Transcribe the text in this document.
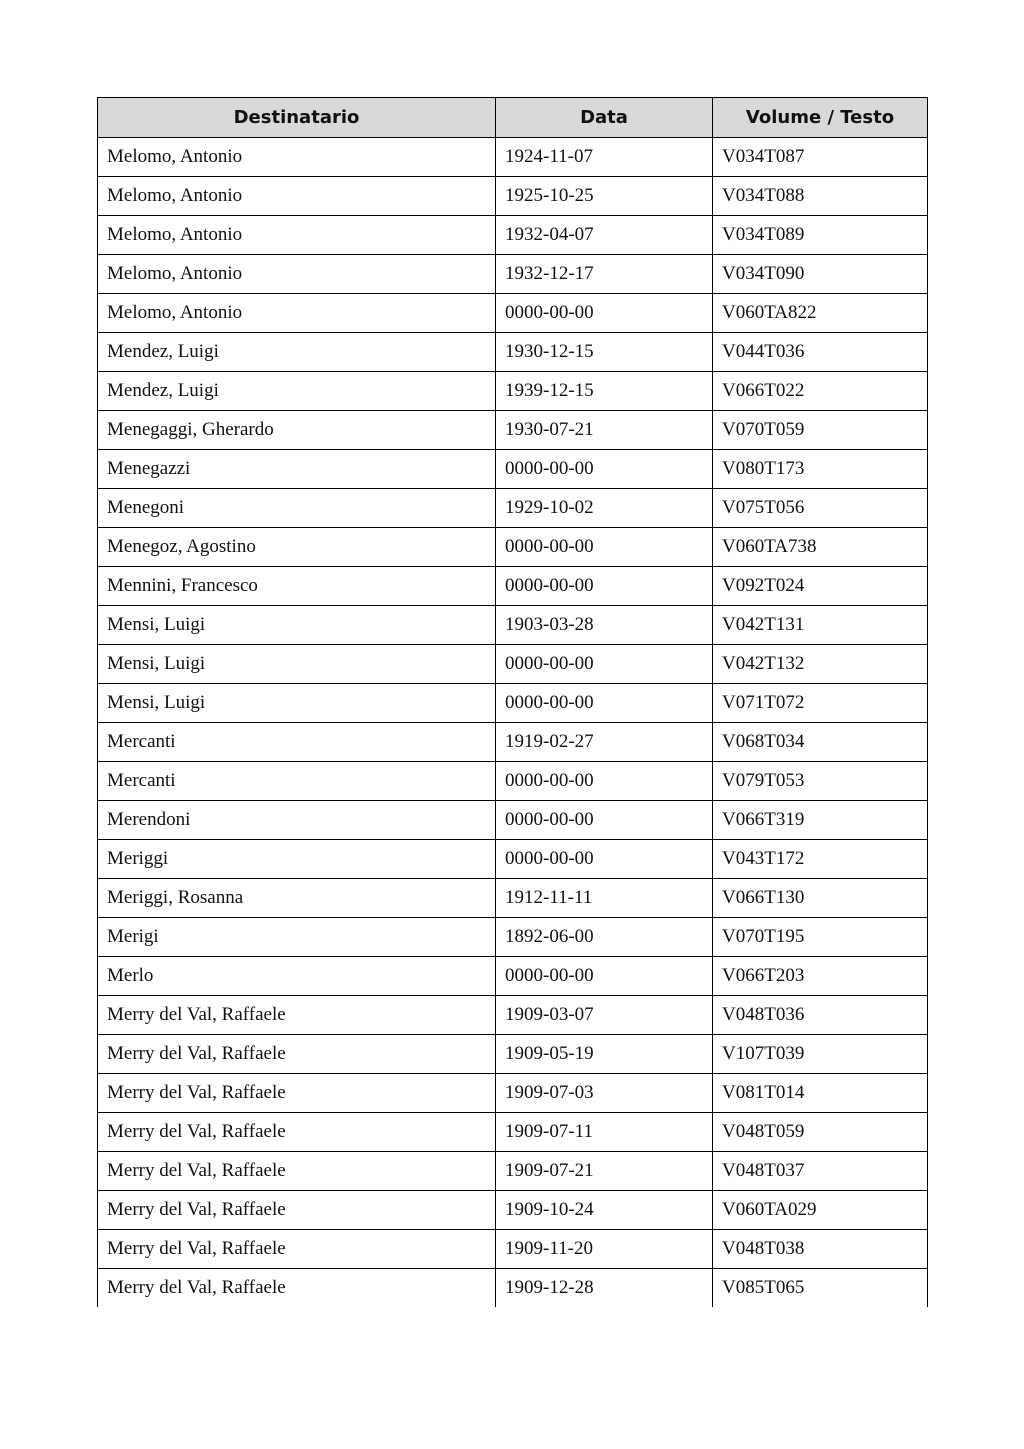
Destinatario	Data	Volume / Testo
Melomo, Antonio	1924-11-07	V034T087
Melomo, Antonio	1925-10-25	V034T088
Melomo, Antonio	1932-04-07	V034T089
Melomo, Antonio	1932-12-17	V034T090
Melomo, Antonio	0000-00-00	V060TA822
Mendez, Luigi	1930-12-15	V044T036
Mendez, Luigi	1939-12-15	V066T022
Menegaggi, Gherardo	1930-07-21	V070T059
Menegazzi	0000-00-00	V080T173
Menegoni	1929-10-02	V075T056
Menegoz, Agostino	0000-00-00	V060TA738
Mennini, Francesco	0000-00-00	V092T024
Mensi, Luigi	1903-03-28	V042T131
Mensi, Luigi	0000-00-00	V042T132
Mensi, Luigi	0000-00-00	V071T072
Mercanti	1919-02-27	V068T034
Mercanti	0000-00-00	V079T053
Merendoni	0000-00-00	V066T319
Meriggi	0000-00-00	V043T172
Meriggi, Rosanna	1912-11-11	V066T130
Merigi	1892-06-00	V070T195
Merlo	0000-00-00	V066T203
Merry del Val, Raffaele	1909-03-07	V048T036
Merry del Val, Raffaele	1909-05-19	V107T039
Merry del Val, Raffaele	1909-07-03	V081T014
Merry del Val, Raffaele	1909-07-11	V048T059
Merry del Val, Raffaele	1909-07-21	V048T037
Merry del Val, Raffaele	1909-10-24	V060TA029
Merry del Val, Raffaele	1909-11-20	V048T038
Merry del Val, Raffaele	1909-12-28	V085T065
